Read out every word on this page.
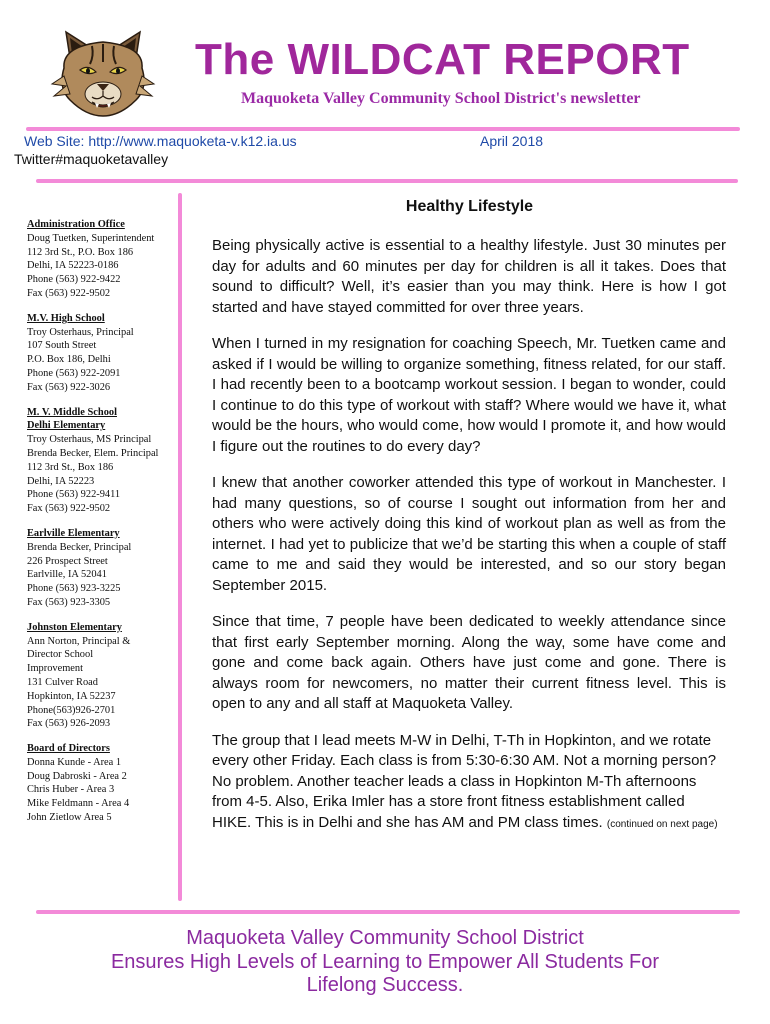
The WILDCAT REPORT
Maquoketa Valley Community School District's newsletter
Web Site: http://www.maquoketa-v.k12.ia.us
Twitter#maquoketavalley
April 2018
Administration Office
Doug Tuetken, Superintendent
112 3rd St., P.O. Box 186
Delhi, IA 52223-0186
Phone (563) 922-9422
Fax (563) 922-9502
M.V. High School
Troy Osterhaus, Principal
107 South Street
P.O. Box 186, Delhi
Phone (563) 922-2091
Fax (563) 922-3026
M. V. Middle School
Delhi Elementary
Troy Osterhaus, MS Principal
Brenda Becker, Elem. Principal
112 3rd St., Box 186
Delhi, IA 52223
Phone (563) 922-9411
Fax (563) 922-9502
Earlville Elementary
Brenda Becker, Principal
226 Prospect Street
Earlville, IA 52041
Phone (563) 923-3225
Fax (563) 923-3305
Johnston Elementary
Ann Norton, Principal &
Director School
Improvement
131 Culver Road
Hopkinton, IA 52237
Phone(563)926-2701
Fax (563) 926-2093
Board of Directors
Donna Kunde - Area 1
Doug Dabroski - Area 2
Chris Huber - Area 3
Mike Feldmann - Area 4
John Zietlow Area 5
Healthy Lifestyle

Being physically active is essential to a healthy lifestyle. Just 30 minutes per day for adults and 60 minutes per day for children is all it takes. Does that sound to difficult? Well, it’s easier than you may think. Here is how I got started and have stayed committed for over three years.

When I turned in my resignation for coaching Speech, Mr. Tuetken came and asked if I would be willing to organize something, fitness related, for our staff. I had recently been to a bootcamp workout session. I began to wonder, could I continue to do this type of workout with staff? Where would we have it, what would be the hours, who would come, how would I promote it, and how would I figure out the routines to do every day?

I knew that another coworker attended this type of workout in Manchester. I had many questions, so of course I sought out information from her and others who were actively doing this kind of workout plan as well as from the internet. I had yet to publicize that we’d be starting this when a couple of staff came to me and said they would be interested, and so our story began September 2015.

Since that time, 7 people have been dedicated to weekly attendance since that first early September morning. Along the way, some have come and gone and come back again. Others have just come and gone. There is always room for newcomers, no matter their current fitness level. This is open to any and all staff at Maquoketa Valley.

The group that I lead meets M-W in Delhi, T-Th in Hopkinton, and we rotate every other Friday. Each class is from 5:30-6:30 AM. Not a morning person? No problem. Another teacher leads a class in Hopkinton M-Th afternoons from 4-5. Also, Erika Imler has a store front fitness establishment called HIKE. This is in Delhi and she has AM and PM class times. (continued on next page)

Maquoketa Valley Community School District
Ensures High Levels of Learning to Empower All Students For
Lifelong Success.
